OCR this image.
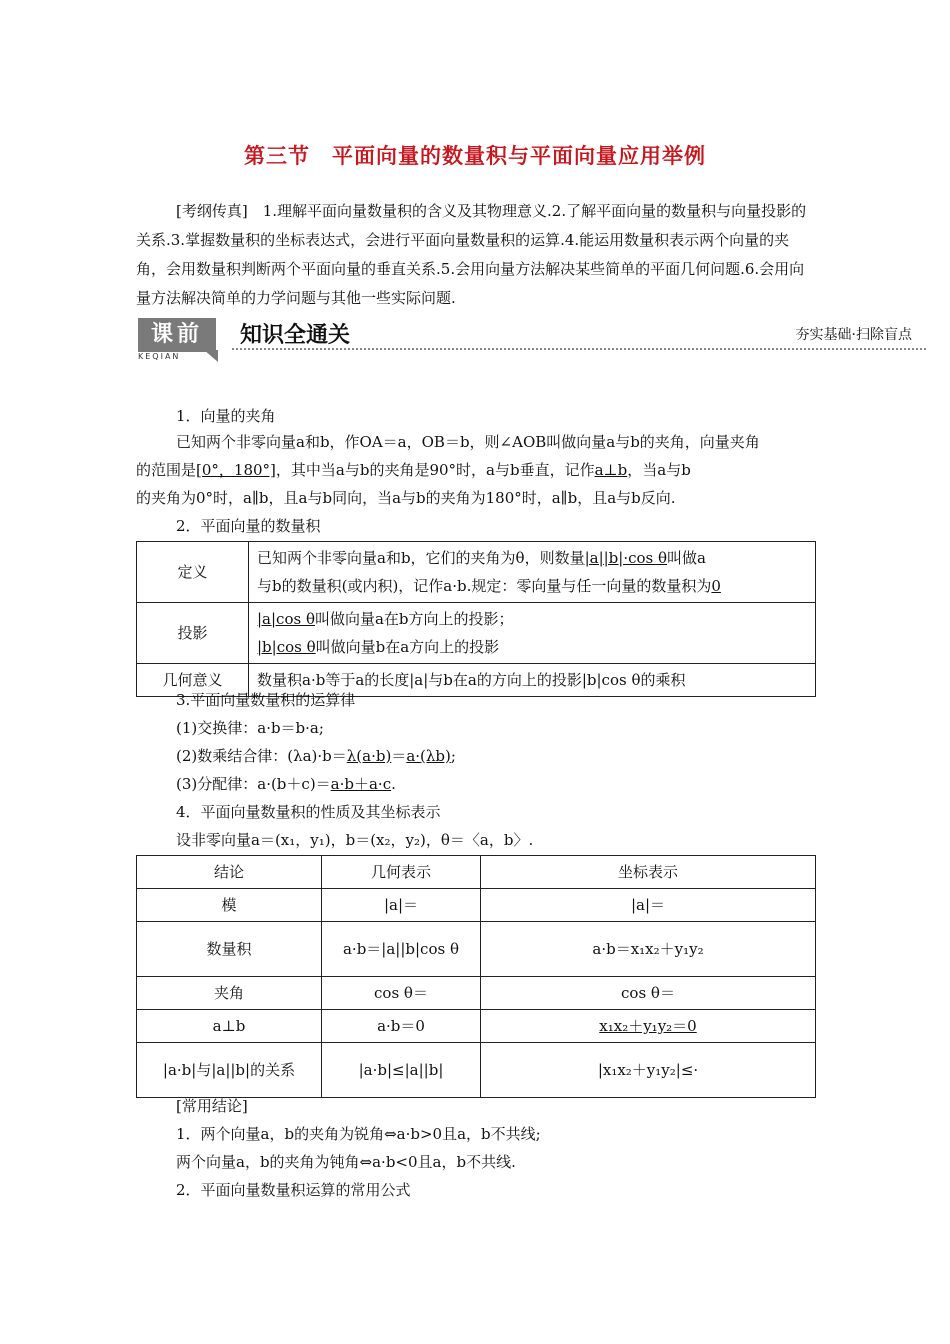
第三节　平面向量的数量积与平面向量应用举例

[考纲传真]　1.理解平面向量数量积的含义及其物理意义.2.了解平面向量的数量积与向量投影的关系.3.掌握数量积的坐标表达式，会进行平面向量数量积的运算.4.能运用数量积表示两个向量的夹角，会用数量积判断两个平面向量的垂直关系.5.会用向量方法解决某些简单的平面几何问题.6.会用向量方法解决简单的力学问题与其他一些实际问题.

课前
KEQIAN
知识全通关	夯实基础·扫除盲点

1．向量的夹角

已知两个非零向量a和b，作OA＝a，OB＝b，则∠AOB叫做向量a与b的夹角，向量夹角

的范围是[0°，180°]，其中当a与b的夹角是90°时，a与b垂直，记作a⊥b，当a与b

的夹角为0°时，a∥b，且a与b同向，当a与b的夹角为180°时，a∥b，且a与b反向.

2．平面向量的数量积

定义	已知两个非零向量a和b，它们的夹角为θ，则数量|a||b|·cos θ叫做a
与b的数量积(或内积)，记作a·b.规定：零向量与任一向量的数量积为0
投影	|a|cos θ叫做向量a在b方向上的投影；
|b|cos θ叫做向量b在a方向上的投影
几何意义	数量积a·b等于a的长度|a|与b在a的方向上的投影|b|cos θ的乘积

3.平面向量数量积的运算律

(1)交换律：a·b＝b·a;

(2)数乘结合律：(λa)·b＝λ(a·b)＝a·(λb);

(3)分配律：a·(b＋c)＝a·b＋a·c.

4．平面向量数量积的性质及其坐标表示

设非零向量a＝(x₁，y₁)，b＝(x₂，y₂)，θ＝〈a，b〉.

结论	几何表示	坐标表示
模	|a|＝	|a|＝
数量积	a·b＝|a||b|cos θ	a·b＝x₁x₂＋y₁y₂
夹角	cos θ＝	cos θ＝
a⊥b	a·b＝0	x₁x₂＋y₁y₂＝0
|a·b|与|a||b|的关系	|a·b|≤|a||b|	|x₁x₂＋y₁y₂|≤·

[常用结论]

1．两个向量a，b的夹角为锐角⇔a·b>0且a，b不共线;

两个向量a，b的夹角为钝角⇔a·b<0且a，b不共线.

2．平面向量数量积运算的常用公式
